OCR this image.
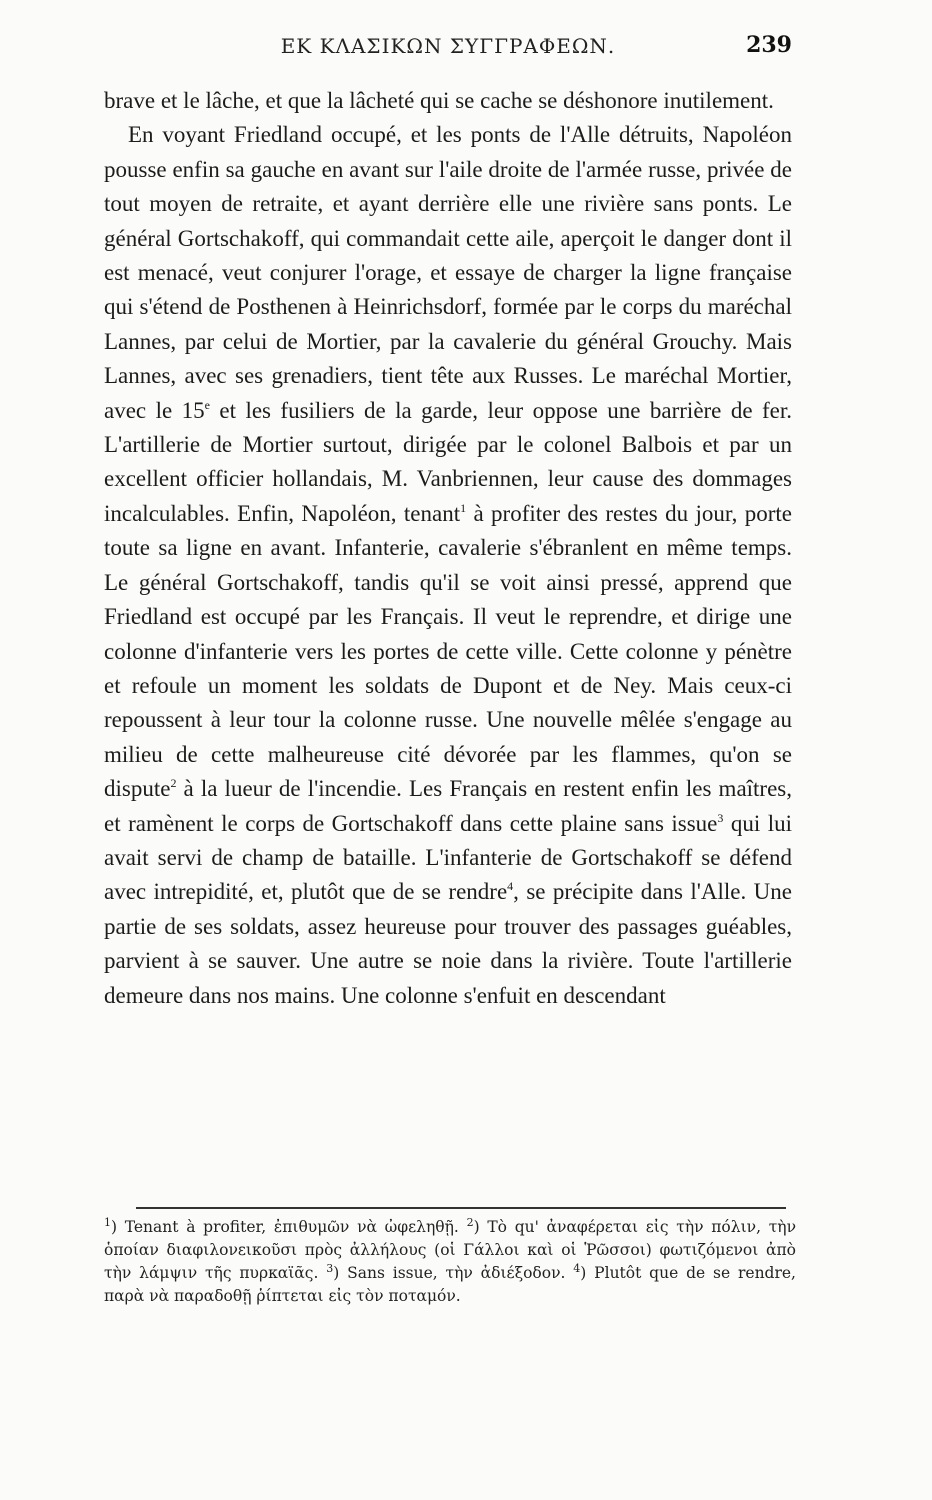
ΕΚ ΚΛΑΣΙΚΩΝ ΣΥΓΓΡΑΦΕΩΝ.	239

brave et le lâche, et que la lâcheté qui se cache se déshonore inutilement.

En voyant Friedland occupé, et les ponts de l'Alle détruits, Napoléon pousse enfin sa gauche en avant sur l'aile droite de l'armée russe, privée de tout moyen de retraite, et ayant derrière elle une rivière sans ponts. Le général Gortschakoff, qui commandait cette aile, aperçoit le danger dont il est menacé, veut conjurer l'orage, et essaye de charger la ligne française qui s'étend de Posthenen à Heinrichsdorf, formée par le corps du maréchal Lannes, par celui de Mortier, par la cavalerie du général Grouchy. Mais Lannes, avec ses grenadiers, tient tête aux Russes. Le maréchal Mortier, avec le 15e et les fusiliers de la garde, leur oppose une barrière de fer. L'artillerie de Mortier surtout, dirigée par le colonel Balbois et par un excellent officier hollandais, M. Vanbriennen, leur cause des dommages incalculables. Enfin, Napoléon, tenant$^1$ à profiter des restes du jour, porte toute sa ligne en avant. Infanterie, cavalerie s'ébranlent en même temps. Le général Gortschakoff, tandis qu'il se voit ainsi pressé, apprend que Friedland est occupé par les Français. Il veut le reprendre, et dirige une colonne d'infanterie vers les portes de cette ville. Cette colonne y pénètre et refoule un moment les soldats de Dupont et de Ney. Mais ceux-ci repoussent à leur tour la colonne russe. Une nouvelle mêlée s'engage au milieu de cette malheureuse cité dévorée par les flammes, qu'on se dispute$^2$ à la lueur de l'incendie. Les Français en restent enfin les maîtres, et ramènent le corps de Gortschakoff dans cette plaine sans issue$^3$ qui lui avait servi de champ de bataille. L'infanterie de Gortschakoff se défend avec intrepidité, et, plutôt que de se rendre$^4$, se précipite dans l'Alle. Une partie de ses soldats, assez heureuse pour trouver des passages guéables, parvient à se sauver. Une autre se noie dans la rivière. Toute l'artillerie demeure dans nos mains. Une colonne s'enfuit en descendant

$^1$) Tenant à profiter, ἐπιθυμῶν νὰ ὠφεληθῇ. $^2$) Τὸ qu' ἀναφέρεται εἰς τὴν πόλιν, τὴν ὁποίαν διαφιλονεικοῦσι πρὸς ἀλλήλους (οἱ Γάλλοι καὶ οἱ Ῥῶσσοι) φωτιζόμενοι ἀπὸ τὴν λάμψιν τῆς πυρκαϊᾶς. $^3$) Sans issue, τὴν ἀδιέξοδον. $^4$) Plutôt que de se rendre, παρὰ νὰ παραδοθῇ ῥίπτεται εἰς τὸν ποταμόν.
